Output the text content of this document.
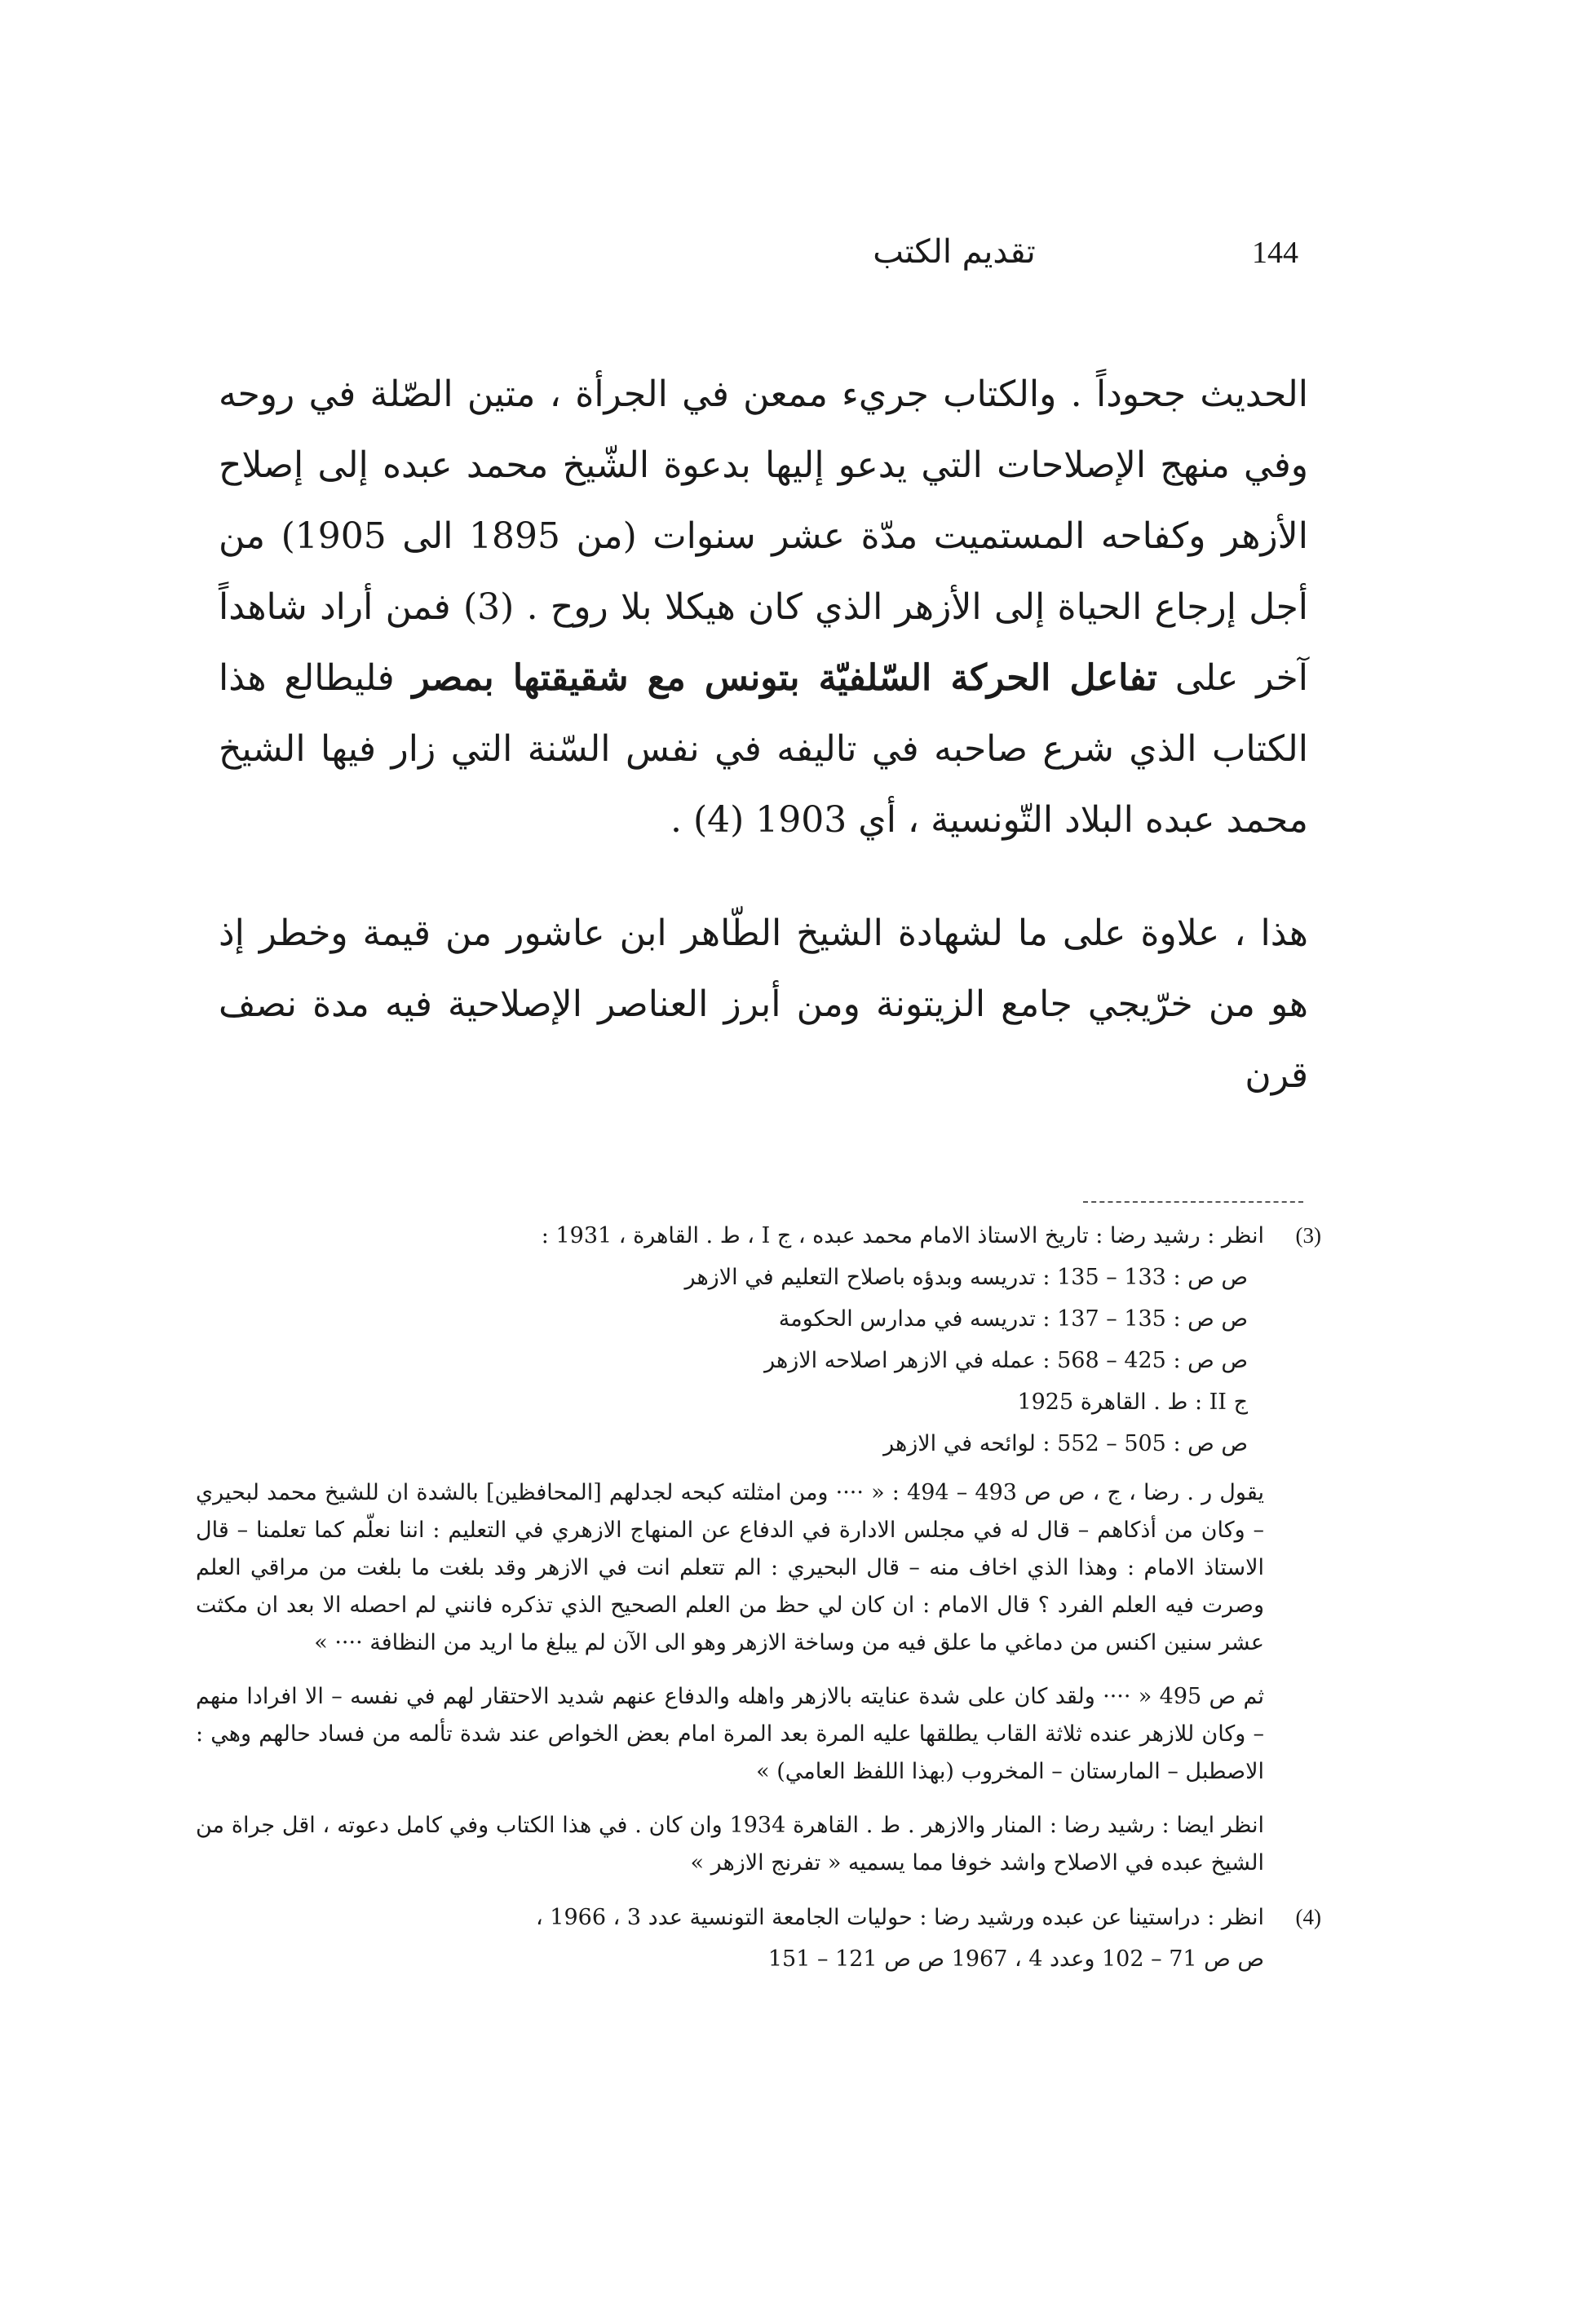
144
تقديم الكتب

الحديث جحوداً . والكتاب جريء ممعن في الجرأة ، متين الصّلة في روحه وفي منهج الإصلاحات التي يدعو إليها بدعوة الشّيخ محمد عبده إلى إصلاح الأزهر وكفاحه المستميت مدّة عشر سنوات (من 1895 الى 1905) من أجل إرجاع الحياة إلى الأزهر الذي كان هيكلا بلا روح . (3) فمن أراد شاهداً آخر على تفاعل الحركة السّلفيّة بتونس مع شقيقتها بمصر فليطالع هذا الكتاب الذي شرع صاحبه في تاليفه في نفس السّنة التي زار فيها الشيخ محمد عبده البلاد التّونسية ، أي 1903 (4) .

هذا ، علاوة على ما لشهادة الشيخ الطّاهر ابن عاشور من قيمة وخطر إذ هو من خرّيجي جامع الزيتونة ومن أبرز العناصر الإصلاحية فيه مدة نصف قرن

(3)
انظر : رشيد رضا : تاريخ الاستاذ الامام محمد عبده ، ج I ، ط . القاهرة ، 1931 :
ص ص : 133 – 135 : تدريسه وبدؤه باصلاح التعليم في الازهر
ص ص : 135 – 137 : تدريسه في مدارس الحكومة
ص ص : 425 – 568 : عمله في الازهر اصلاحه الازهر
ج II : ط . القاهرة 1925
ص ص : 505 – 552 : لوائحه في الازهر
يقول ر . رضا ، ج ، ص ص 493 – 494 : « ···· ومن امثلته كبحه لجدلهم [المحافظين] بالشدة ان للشيخ محمد لبحيري – وكان من أذكاهم – قال له في مجلس الادارة في الدفاع عن المنهاج الازهري في التعليم : اننا نعلّم كما تعلمنا – قال الاستاذ الامام : وهذا الذي اخاف منه – قال البحيري : الم تتعلم انت في الازهر وقد بلغت ما بلغت من مراقي العلم وصرت فيه العلم الفرد ؟ قال الامام : ان كان لي حظ من العلم الصحيح الذي تذكره فانني لم احصله الا بعد ان مكثت عشر سنين اكنس من دماغي ما علق فيه من وساخة الازهر وهو الى الآن لم يبلغ ما اريد من النظافة ···· »
ثم ص 495 « ···· ولقد كان على شدة عنايته بالازهر واهله والدفاع عنهم شديد الاحتقار لهم في نفسه – الا افرادا منهم – وكان للازهر عنده ثلاثة القاب يطلقها عليه المرة بعد المرة امام بعض الخواص عند شدة تألمه من فساد حالهم وهي : الاصطبل – المارستان – المخروب (بهذا اللفظ العامي) »
انظر ايضا : رشيد رضا : المنار والازهر . ط . القاهرة 1934 وان كان . في هذا الكتاب وفي كامل دعوته ، اقل جراة من الشيخ عبده في الاصلاح واشد خوفا مما يسميه « تفرنج الازهر »
(4)
انظر : دراستينا عن عبده ورشيد رضا : حوليات الجامعة التونسية عدد 3 ، 1966 ،
ص ص 71 – 102 وعدد 4 ، 1967 ص ص 121 – 151
